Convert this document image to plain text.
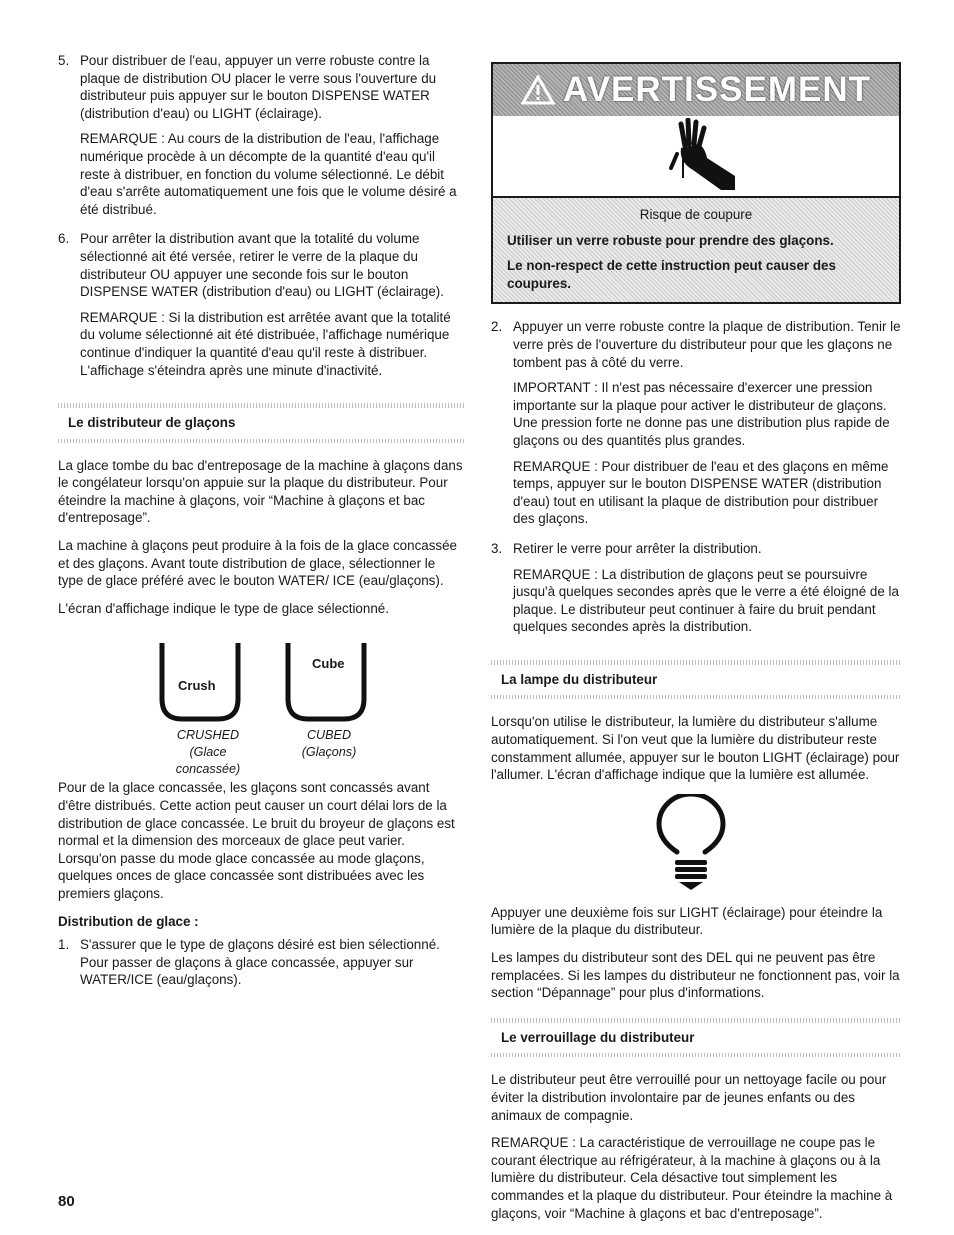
5. Pour distribuer de l'eau, appuyer un verre robuste contre la plaque de distribution OU placer le verre sous l'ouverture du distributeur puis appuyer sur le bouton DISPENSE WATER (distribution d'eau) ou LIGHT (éclairage).

REMARQUE : Au cours de la distribution de l'eau, l'affichage numérique procède à un décompte de la quantité d'eau qu'il reste à distribuer, en fonction du volume sélectionné. Le débit d'eau s'arrête automatiquement une fois que le volume désiré a été distribué.

6. Pour arrêter la distribution avant que la totalité du volume sélectionné ait été versée, retirer le verre de la plaque du distributeur OU appuyer une seconde fois sur le bouton DISPENSE WATER (distribution d'eau) ou LIGHT (éclairage).

REMARQUE : Si la distribution est arrêtée avant que la totalité du volume sélectionné ait été distribuée, l'affichage numérique continue d'indiquer la quantité d'eau qu'il reste à distribuer. L'affichage s'éteindra après une minute d'inactivité.

Le distributeur de glaçons

La glace tombe du bac d'entreposage de la machine à glaçons dans le congélateur lorsqu'on appuie sur la plaque du distributeur. Pour éteindre la machine à glaçons, voir “Machine à glaçons et bac d'entreposage”.

La machine à glaçons peut produire à la fois de la glace concassée et des glaçons. Avant toute distribution de glace, sélectionner le type de glace préféré avec le bouton WATER/ ICE (eau/glaçons).

L'écran d'affichage indique le type de glace sélectionné.

Crush
Cube
CRUSHED
(Glace concassée)
CUBED
(Glaçons)

Pour de la glace concassée, les glaçons sont concassés avant d'être distribués. Cette action peut causer un court délai lors de la distribution de glace concassée. Le bruit du broyeur de glaçons est normal et la dimension des morceaux de glace peut varier. Lorsqu'on passe du mode glace concassée au mode glaçons, quelques onces de glace concassée sont distribuées avec les premiers glaçons.

Distribution de glace :

1. S'assurer que le type de glaçons désiré est bien sélectionné. Pour passer de glaçons à glace concassée, appuyer sur WATER/ICE (eau/glaçons).

AVERTISSEMENT

Risque de coupure

Utiliser un verre robuste pour prendre des glaçons.

Le non-respect de cette instruction peut causer des coupures.

2. Appuyer un verre robuste contre la plaque de distribution. Tenir le verre près de l'ouverture du distributeur pour que les glaçons ne tombent pas à côté du verre.

IMPORTANT : Il n'est pas nécessaire d'exercer une pression importante sur la plaque pour activer le distributeur de glaçons. Une pression forte ne donne pas une distribution plus rapide de glaçons ou des quantités plus grandes.

REMARQUE : Pour distribuer de l'eau et des glaçons en même temps, appuyer sur le bouton DISPENSE WATER (distribution d'eau) tout en utilisant la plaque de distribution pour distribuer des glaçons.

3. Retirer le verre pour arrêter la distribution.

REMARQUE : La distribution de glaçons peut se poursuivre jusqu'à quelques secondes après que le verre a été éloigné de la plaque. Le distributeur peut continuer à faire du bruit pendant quelques secondes après la distribution.

La lampe du distributeur

Lorsqu'on utilise le distributeur, la lumière du distributeur s'allume automatiquement. Si l'on veut que la lumière du distributeur reste constamment allumée, appuyer sur le bouton LIGHT (éclairage) pour l'allumer. L'écran d'affichage indique que la lumière est allumée.

Appuyer une deuxième fois sur LIGHT (éclairage) pour éteindre la lumière de la plaque du distributeur.

Les lampes du distributeur sont des DEL qui ne peuvent pas être remplacées. Si les lampes du distributeur ne fonctionnent pas, voir la section “Dépannage” pour plus d'informations.

Le verrouillage du distributeur

Le distributeur peut être verrouillé pour un nettoyage facile ou pour éviter la distribution involontaire par de jeunes enfants ou des animaux de compagnie.

REMARQUE : La caractéristique de verrouillage ne coupe pas le courant électrique au réfrigérateur, à la machine à glaçons ou à la lumière du distributeur. Cela désactive tout simplement les commandes et la plaque du distributeur. Pour éteindre la machine à glaçons, voir “Machine à glaçons et bac d'entreposage”.

80
